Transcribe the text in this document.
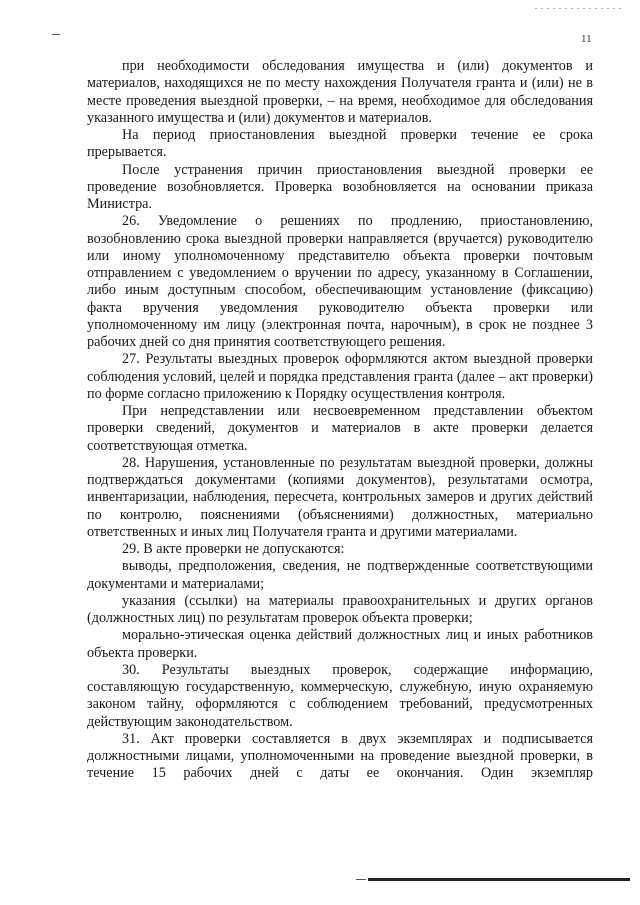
11

при необходимости обследования имущества и (или) документов и материалов, находящихся не по месту нахождения Получателя гранта и (или) не в месте проведения выездной проверки, – на время, необходимое для обследования указанного имущества и (или) документов и материалов.

На период приостановления выездной проверки течение ее срока прерывается.

После устранения причин приостановления выездной проверки ее проведение возобновляется. Проверка возобновляется на основании приказа Министра.

26. Уведомление о решениях по продлению, приостановлению, возобновлению срока выездной проверки направляется (вручается) руководителю или иному уполномоченному представителю объекта проверки почтовым отправлением с уведомлением о вручении по адресу, указанному в Соглашении, либо иным доступным способом, обеспечивающим установление (фиксацию) факта вручения уведомления руководителю объекта проверки или уполномоченному им лицу (электронная почта, нарочным), в срок не позднее 3 рабочих дней со дня принятия соответствующего решения.

27. Результаты выездных проверок оформляются актом выездной проверки соблюдения условий, целей и порядка представления гранта (далее – акт проверки) по форме согласно приложению к Порядку осуществления контроля.

При непредставлении или несвоевременном представлении объектом проверки сведений, документов и материалов в акте проверки делается соответствующая отметка.

28. Нарушения, установленные по результатам выездной проверки, должны подтверждаться документами (копиями документов), результатами осмотра, инвентаризации, наблюдения, пересчета, контрольных замеров и других действий по контролю, пояснениями (объяснениями) должностных, материально ответственных и иных лиц Получателя гранта и другими материалами.

29. В акте проверки не допускаются:

выводы, предположения, сведения, не подтвержденные соответствующими документами и материалами;

указания (ссылки) на материалы правоохранительных и других органов (должностных лиц) по результатам проверок объекта проверки;

морально-этическая оценка действий должностных лиц и иных работников объекта проверки.

30. Результаты выездных проверок, содержащие информацию, составляющую государственную, коммерческую, служебную, иную охраняемую законом тайну, оформляются с соблюдением требований, предусмотренных действующим законодательством.

31. Акт проверки составляется в двух экземплярах и подписывается должностными лицами, уполномоченными на проведение выездной проверки, в течение 15 рабочих дней с даты ее окончания. Один экземпляр
